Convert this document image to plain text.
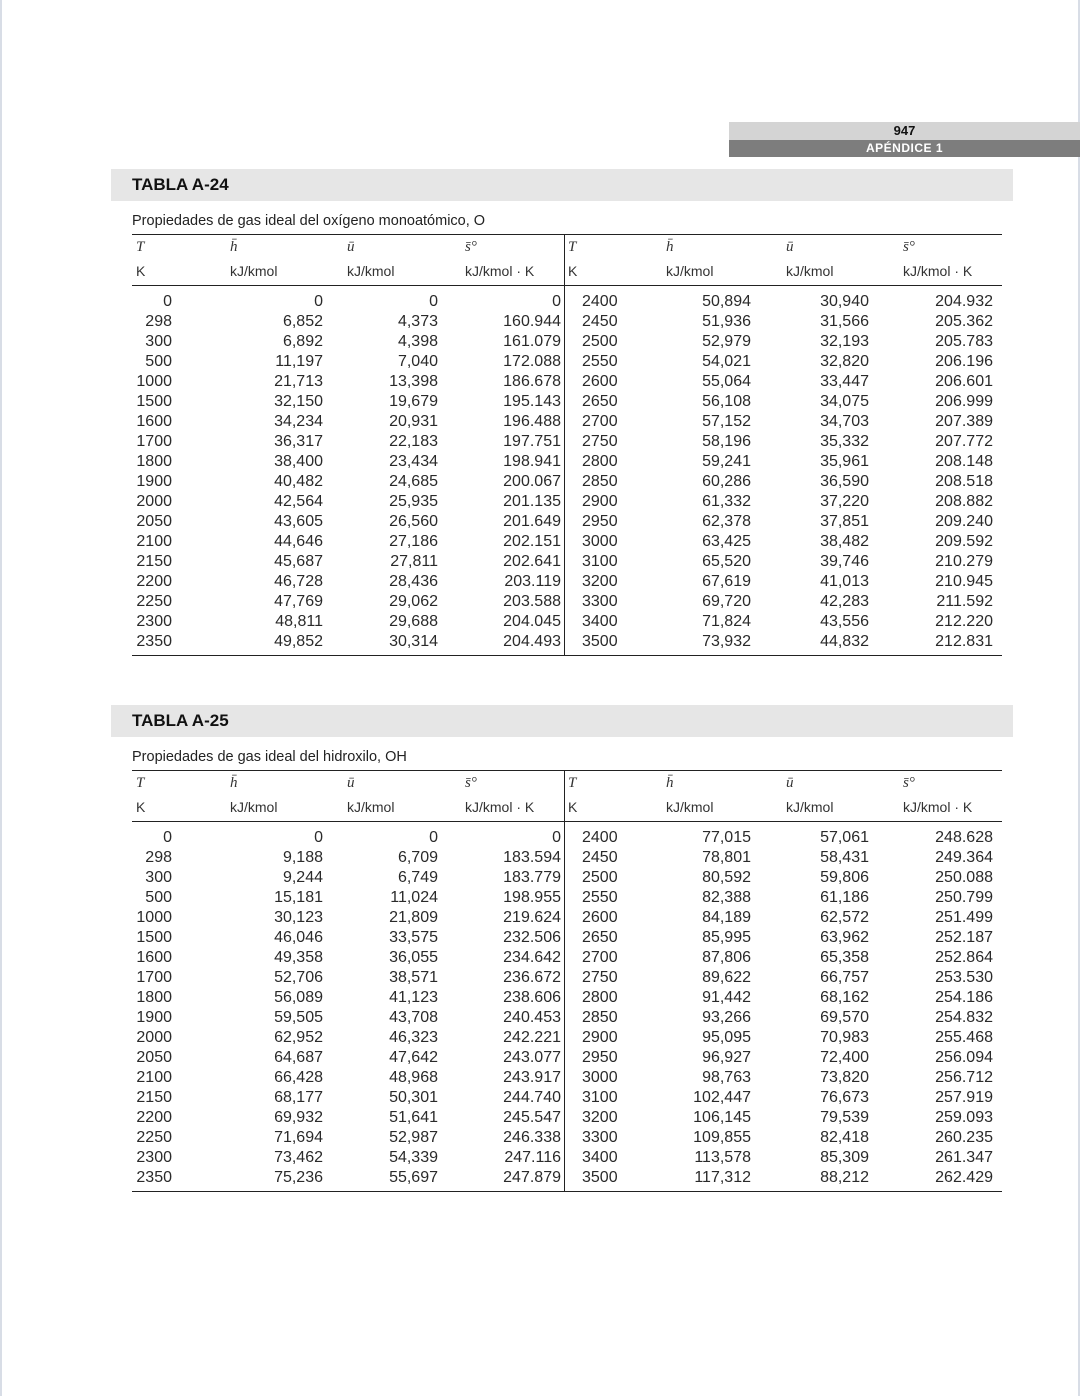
947
APÉNDICE 1
TABLA A-24
Propiedades de gas ideal del oxígeno monoatómico, O
T	h̄	ū	s̄°	T	h̄	ū	s̄°
K	kJ/kmol	kJ/kmol	kJ/kmol · K	K	kJ/kmol	kJ/kmol	kJ/kmol · K
0	0	0	0	2400	50,894	30,940	204.932
298	6,852	4,373	160.944	2450	51,936	31,566	205.362
300	6,892	4,398	161.079	2500	52,979	32,193	205.783
500	11,197	7,040	172.088	2550	54,021	32,820	206.196
1000	21,713	13,398	186.678	2600	55,064	33,447	206.601
1500	32,150	19,679	195.143	2650	56,108	34,075	206.999
1600	34,234	20,931	196.488	2700	57,152	34,703	207.389
1700	36,317	22,183	197.751	2750	58,196	35,332	207.772
1800	38,400	23,434	198.941	2800	59,241	35,961	208.148
1900	40,482	24,685	200.067	2850	60,286	36,590	208.518
2000	42,564	25,935	201.135	2900	61,332	37,220	208.882
2050	43,605	26,560	201.649	2950	62,378	37,851	209.240
2100	44,646	27,186	202.151	3000	63,425	38,482	209.592
2150	45,687	27,811	202.641	3100	65,520	39,746	210.279
2200	46,728	28,436	203.119	3200	67,619	41,013	210.945
2250	47,769	29,062	203.588	3300	69,720	42,283	211.592
2300	48,811	29,688	204.045	3400	71,824	43,556	212.220
2350	49,852	30,314	204.493	3500	73,932	44,832	212.831
TABLA A-25
Propiedades de gas ideal del hidroxilo, OH
T	h̄	ū	s̄°	T	h̄	ū	s̄°
K	kJ/kmol	kJ/kmol	kJ/kmol · K	K	kJ/kmol	kJ/kmol	kJ/kmol · K
0	0	0	0	2400	77,015	57,061	248.628
298	9,188	6,709	183.594	2450	78,801	58,431	249.364
300	9,244	6,749	183.779	2500	80,592	59,806	250.088
500	15,181	11,024	198.955	2550	82,388	61,186	250.799
1000	30,123	21,809	219.624	2600	84,189	62,572	251.499
1500	46,046	33,575	232.506	2650	85,995	63,962	252.187
1600	49,358	36,055	234.642	2700	87,806	65,358	252.864
1700	52,706	38,571	236.672	2750	89,622	66,757	253.530
1800	56,089	41,123	238.606	2800	91,442	68,162	254.186
1900	59,505	43,708	240.453	2850	93,266	69,570	254.832
2000	62,952	46,323	242.221	2900	95,095	70,983	255.468
2050	64,687	47,642	243.077	2950	96,927	72,400	256.094
2100	66,428	48,968	243.917	3000	98,763	73,820	256.712
2150	68,177	50,301	244.740	3100	102,447	76,673	257.919
2200	69,932	51,641	245.547	3200	106,145	79,539	259.093
2250	71,694	52,987	246.338	3300	109,855	82,418	260.235
2300	73,462	54,339	247.116	3400	113,578	85,309	261.347
2350	75,236	55,697	247.879	3500	117,312	88,212	262.429
